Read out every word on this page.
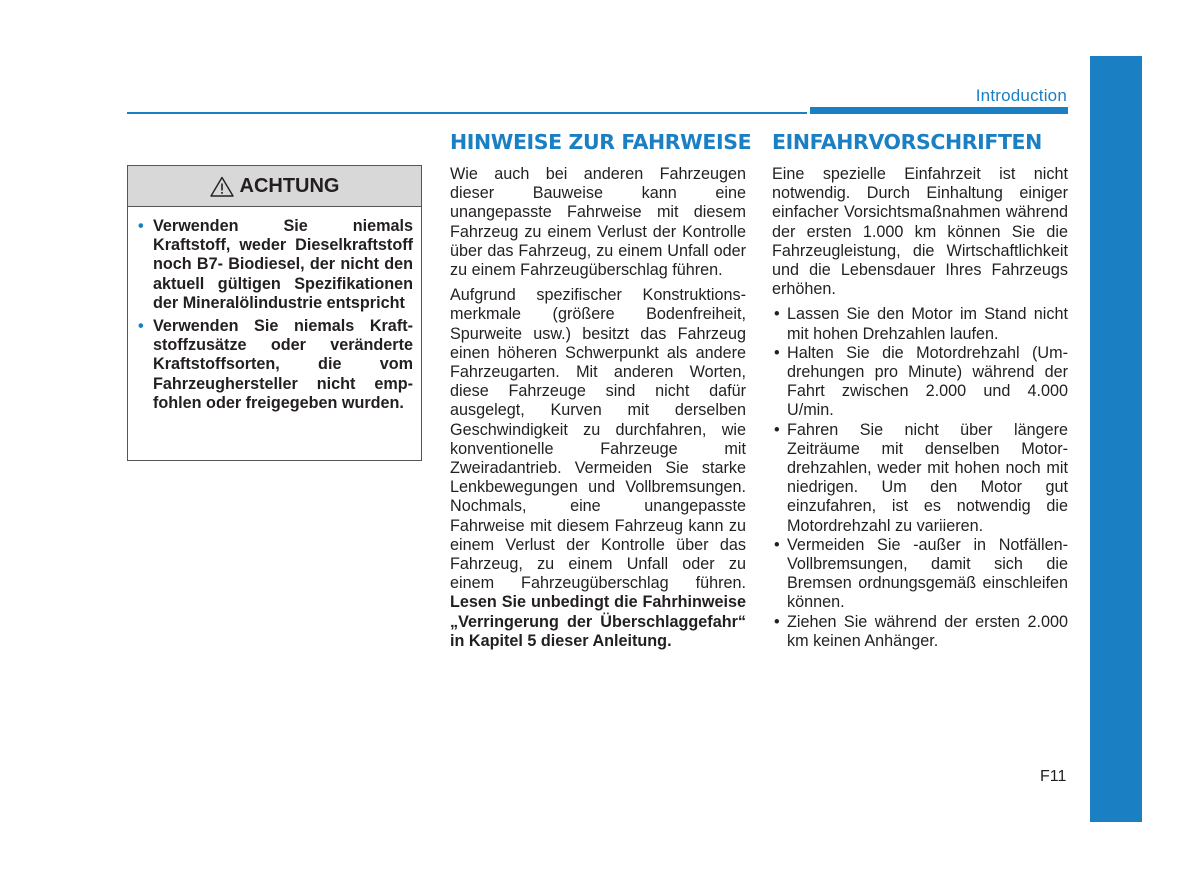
Introduction
ACHTUNG
• Verwenden Sie niemals Kraftstoff, weder Dieselkraftstoff noch B7- Biodiesel, der nicht den aktuell gültigen Spezifikationen der Mineralölindustrie entspricht
• Verwenden Sie niemals Kraftstoffzusätze oder veränderte Kraftstoffsorten, die vom Fahrzeughersteller nicht empfohlen oder freigegeben wurden.
HINWEISE ZUR FAHRWEISE

Wie auch bei anderen Fahrzeugen dieser Bauweise kann eine unangepasste Fahrweise mit diesem Fahrzeug zu einem Verlust der Kontrolle über das Fahrzeug, zu einem Unfall oder zu einem Fahrzeugüberschlag führen.

Aufgrund spezifischer Konstruktionsmerkmale (größere Bodenfreiheit, Spurweite usw.) besitzt das Fahrzeug einen höheren Schwerpunkt als andere Fahrzeugarten. Mit anderen Worten, diese Fahrzeuge sind nicht dafür ausgelegt, Kurven mit derselben Geschwindigkeit zu durchfahren, wie konventionelle Fahrzeuge mit Zweiradantrieb. Vermeiden Sie starke Lenkbewegungen und Vollbremsungen. Nochmals, eine unangepasste Fahrweise mit diesem Fahrzeug kann zu einem Verlust der Kontrolle über das Fahrzeug, zu einem Unfall oder zu einem Fahrzeugüberschlag führen. Lesen Sie unbedingt die Fahrhinweise „Verringerung der Überschlaggefahr“ in Kapitel 5 dieser Anleitung.

EINFAHRVORSCHRIFTEN

Eine spezielle Einfahrzeit ist nicht notwendig. Durch Einhaltung einiger einfacher Vorsichtsmaßnahmen während der ersten 1.000 km können Sie die Fahrzeugleistung, die Wirtschaftlichkeit und die Lebensdauer Ihres Fahrzeugs erhöhen.

• Lassen Sie den Motor im Stand nicht mit hohen Drehzahlen laufen.
• Halten Sie die Motordrehzahl (Umdrehungen pro Minute) während der Fahrt zwischen 2.000 und 4.000 U/min.
• Fahren Sie nicht über längere Zeiträume mit denselben Motordrehzahlen, weder mit hohen noch mit niedrigen. Um den Motor gut einzufahren, ist es notwendig die Motordrehzahl zu variieren.
• Vermeiden Sie -außer in Notfällen- Vollbremsungen, damit sich die Bremsen ordnungsgemäß einschleifen können.
• Ziehen Sie während der ersten 2.000 km keinen Anhänger.
F11
